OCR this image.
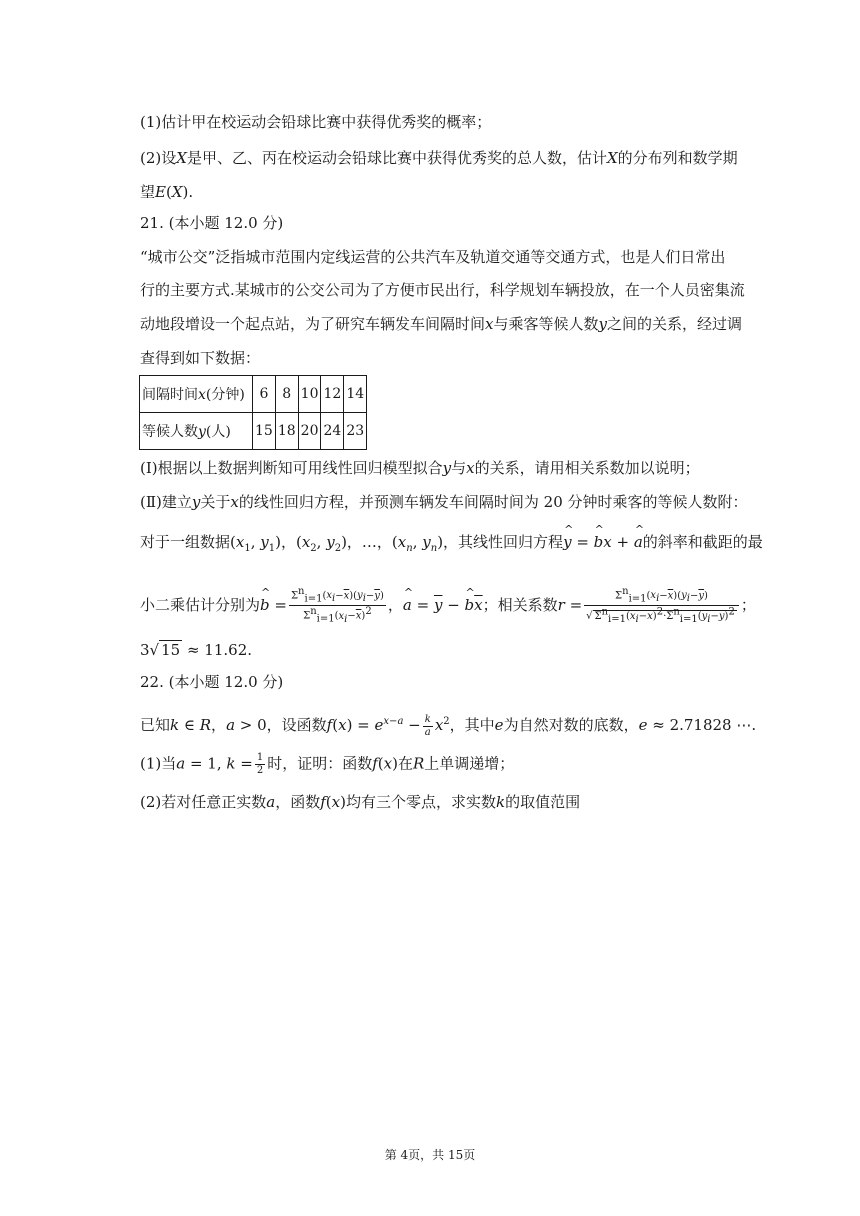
(1)估计甲在校运动会铅球比赛中获得优秀奖的概率；
(2)设X是甲、乙、丙在校运动会铅球比赛中获得优秀奖的总人数，估计X的分布列和数学期
望E(X).
21. (本小题 12.0 分)
“城市公交”泛指城市范围内定线运营的公共汽车及轨道交通等交通方式，也是人们日常出
行的主要方式.某城市的公交公司为了方便市民出行，科学规划车辆投放，在一个人员密集流
动地段增设一个起点站，为了研究车辆发车间隔时间x与乘客等候人数y之间的关系，经过调
查得到如下数据：
间隔时间x(分钟)	6	8	10	12	14
等候人数y(人)	15	18	20	24	23
(Ⅰ)根据以上数据判断知可用线性回归模型拟合y与x的关系，请用相关系数加以说明；
(Ⅱ)建立y关于x的线性回归方程，并预测车辆发车间隔时间为 20 分钟时乘客的等候人数附：
对于一组数据($x_1$, $y_1$)，($x_2$, $y_2$)，…，($x_n$, $y_n$)，其线性回归方程^ y = ^ bx + ^ a的斜率和截距的最
小二乘估计分别为^ $b = \frac{\Sigma^n_{i=1}(x_i-\overline{x})(y_i-\overline{y})}{\Sigma^n_{i=1}(x_i-\overline{x})^2}$ ，^ $a = \overline{y}$ − ^ $b\overline{x}$；相关系数$r = \frac{\Sigma^n_{i=1}(x_i-\overline{x})(y_i-\overline{y})}{√ \Sigma^n_{i=1}(x_i-\overline{x})^2\cdot\Sigma^n_{i=1}(y_i-\overline{y})^2}$ ；
3√ 15 ≈ 11.62.
22. (本小题 12.0 分)
已知k ∈ R，a > 0，设函数$f(x) = e^{x-a} - \frac{k}{a} x^2$，其中e为自然对数的底数，e ≈ 2.71828 ⋯.
(1)当a = 1, $k = \frac{1}{2}$ 时，证明：函数f(x)在R上单调递增；
(2)若对任意正实数a，函数f(x)均有三个零点，求实数k的取值范围
第 4页，共 15页
